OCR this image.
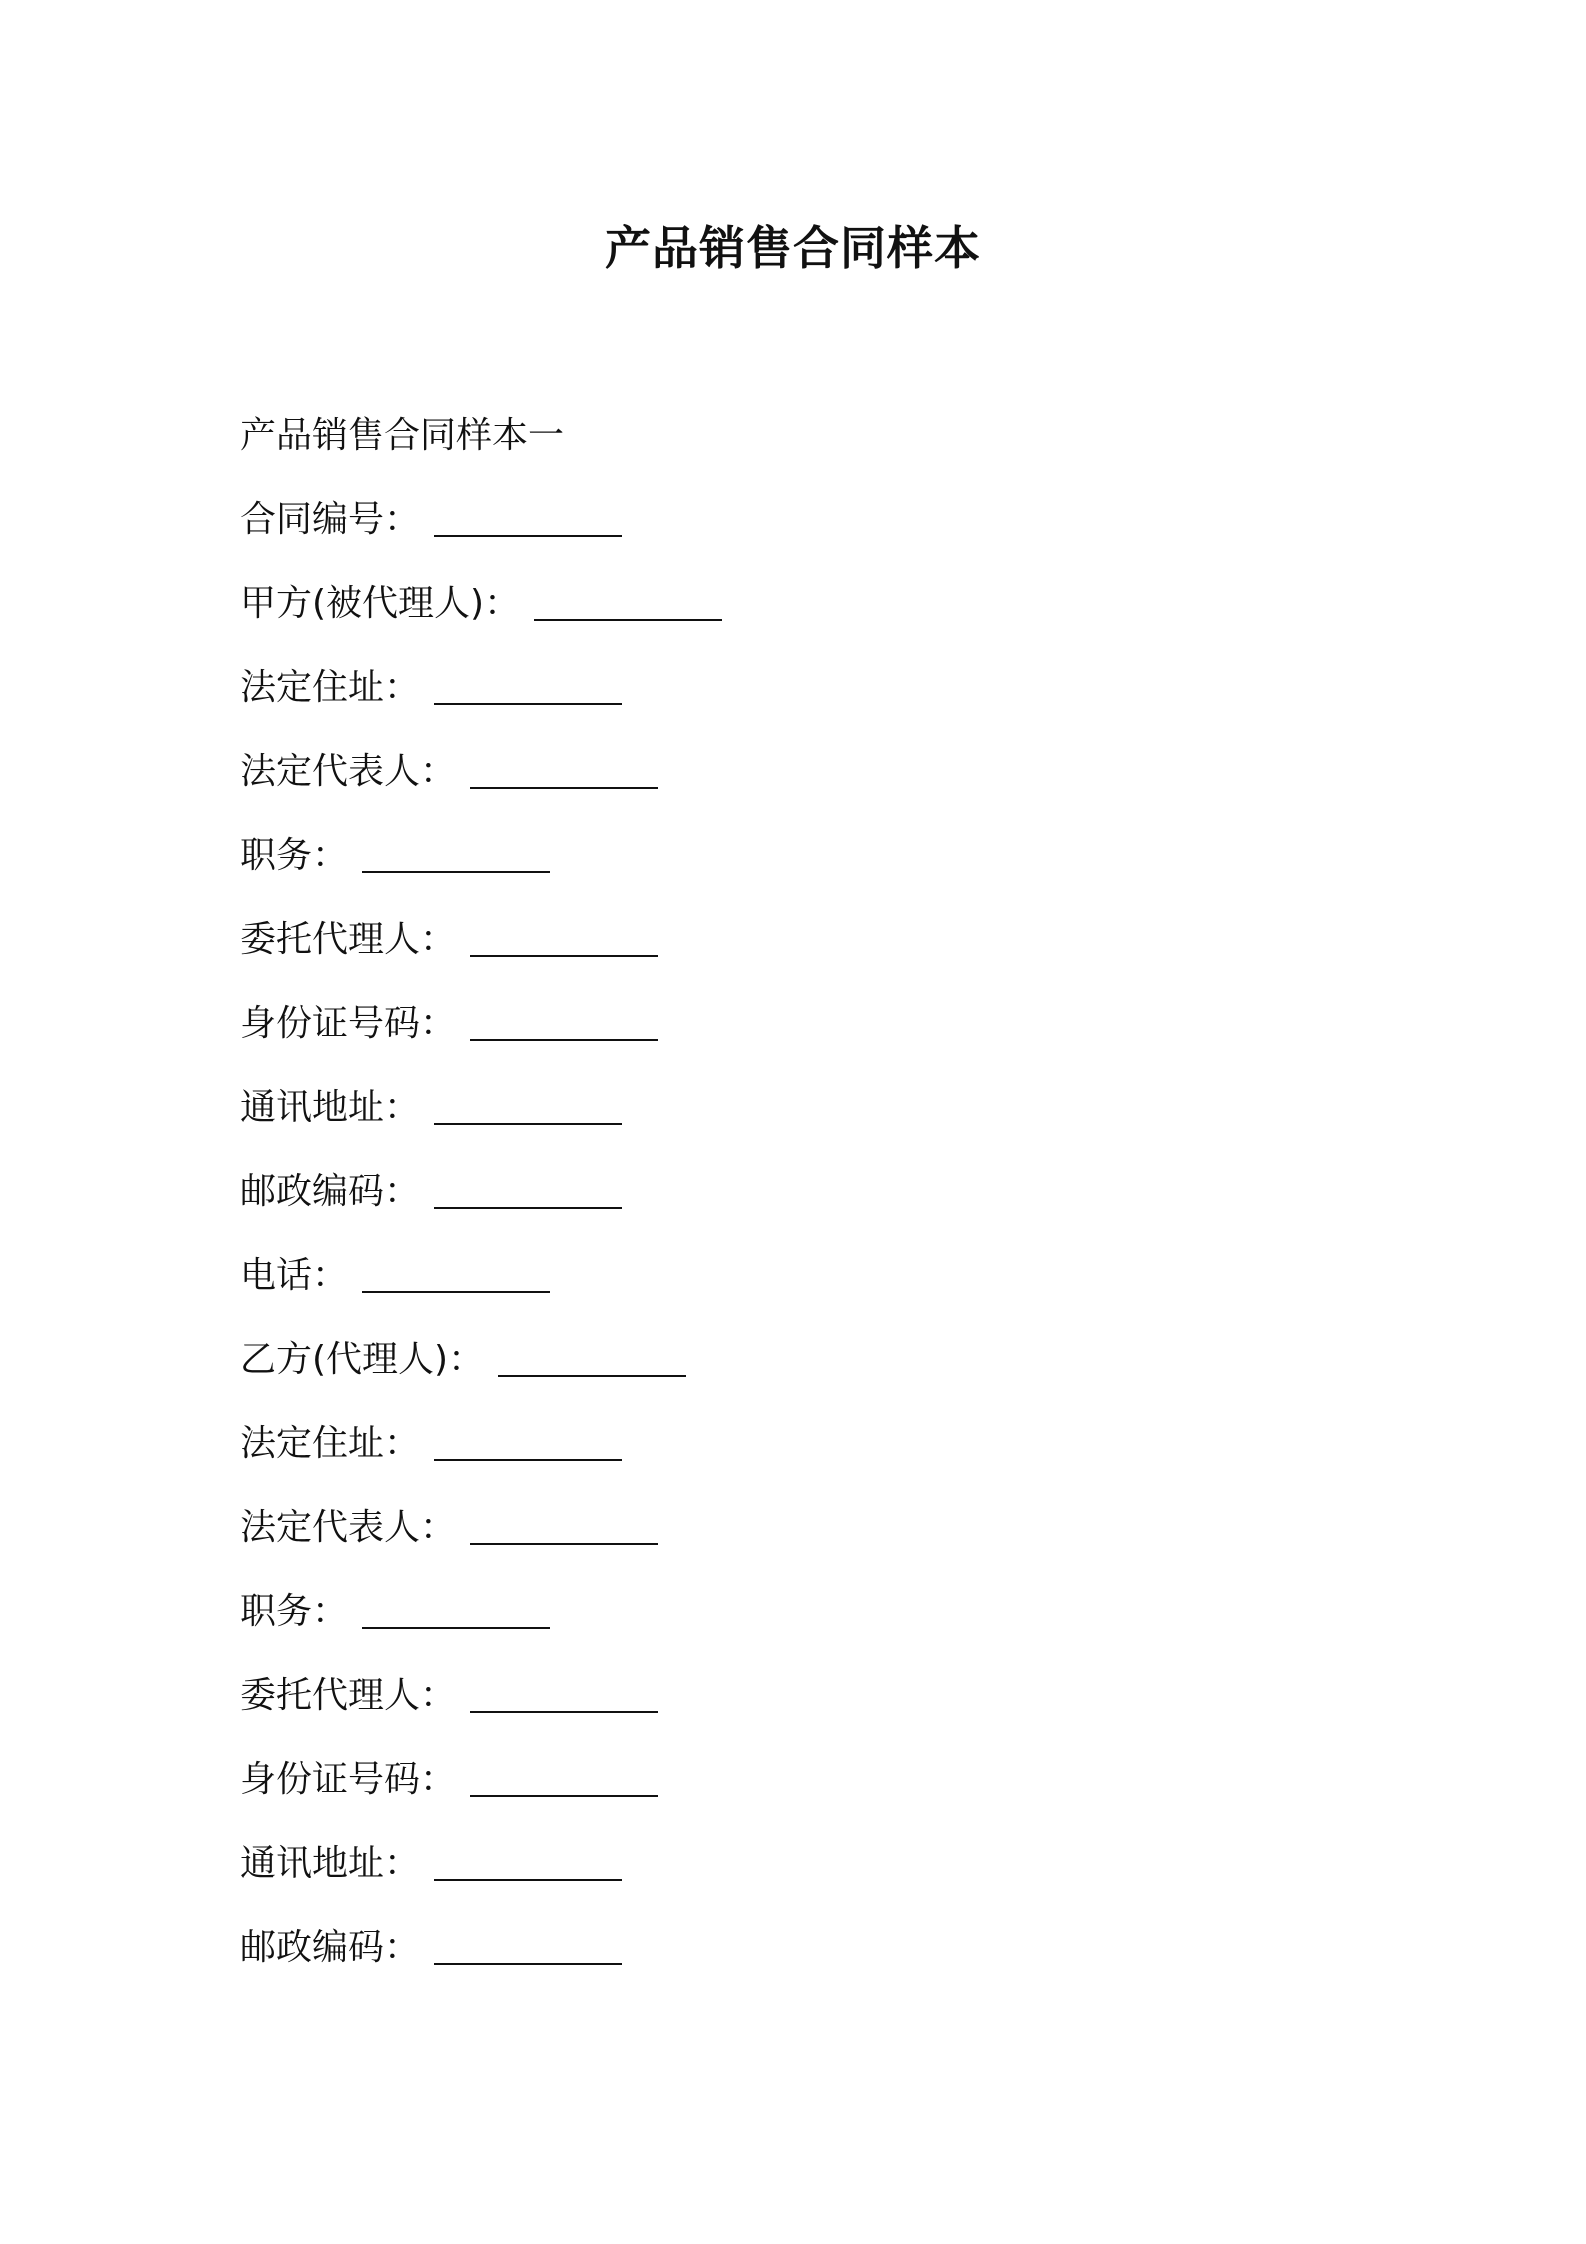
产品销售合同样本
产品销售合同样本一
合同编号 ：
甲方(被代理人) ：
法定住址 ：
法定代表人 ：
职务 ：
委托代理人 ：
身份证号码 ：
通讯地址 ：
邮政编码 ：
电话 ：
乙方(代理人) ：
法定住址 ：
法定代表人 ：
职务 ：
委托代理人 ：
身份证号码 ：
通讯地址 ：
邮政编码 ：
